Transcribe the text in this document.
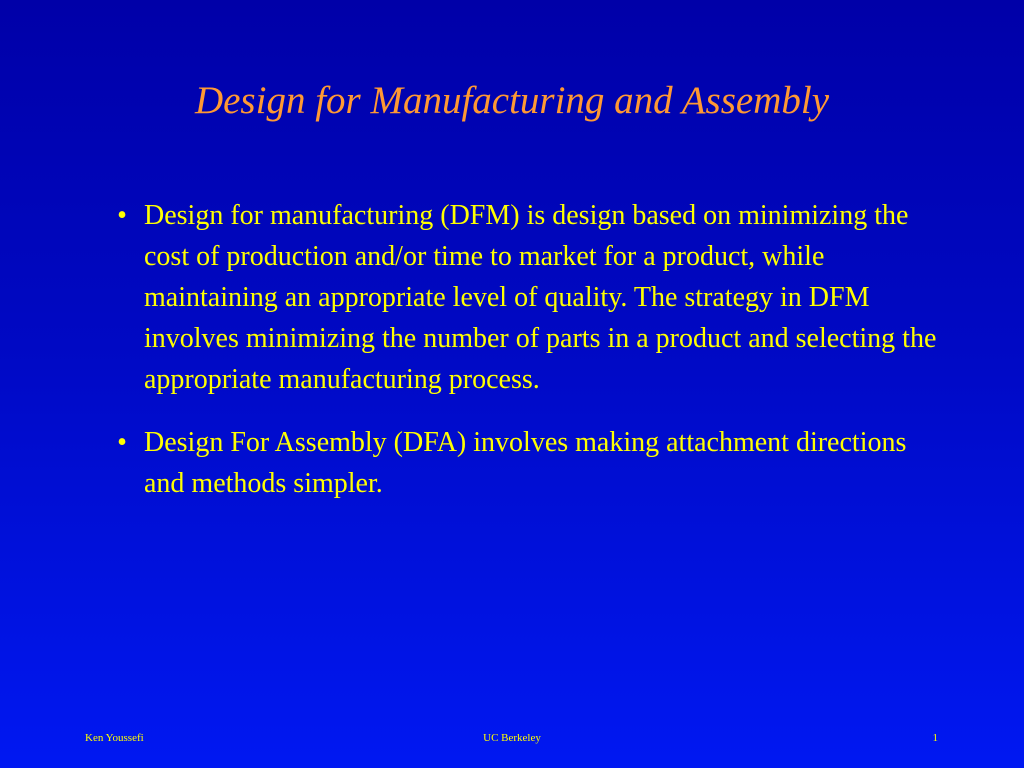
Design for Manufacturing and Assembly
• Design for manufacturing (DFM) is design based on minimizing the cost of production and/or time to market for a product, while maintaining an appropriate level of quality. The strategy in DFM involves minimizing the number of parts in a product and selecting the appropriate manufacturing process.
• Design For Assembly (DFA) involves making attachment directions and methods simpler.
Ken Youssefi	UC Berkeley	1
